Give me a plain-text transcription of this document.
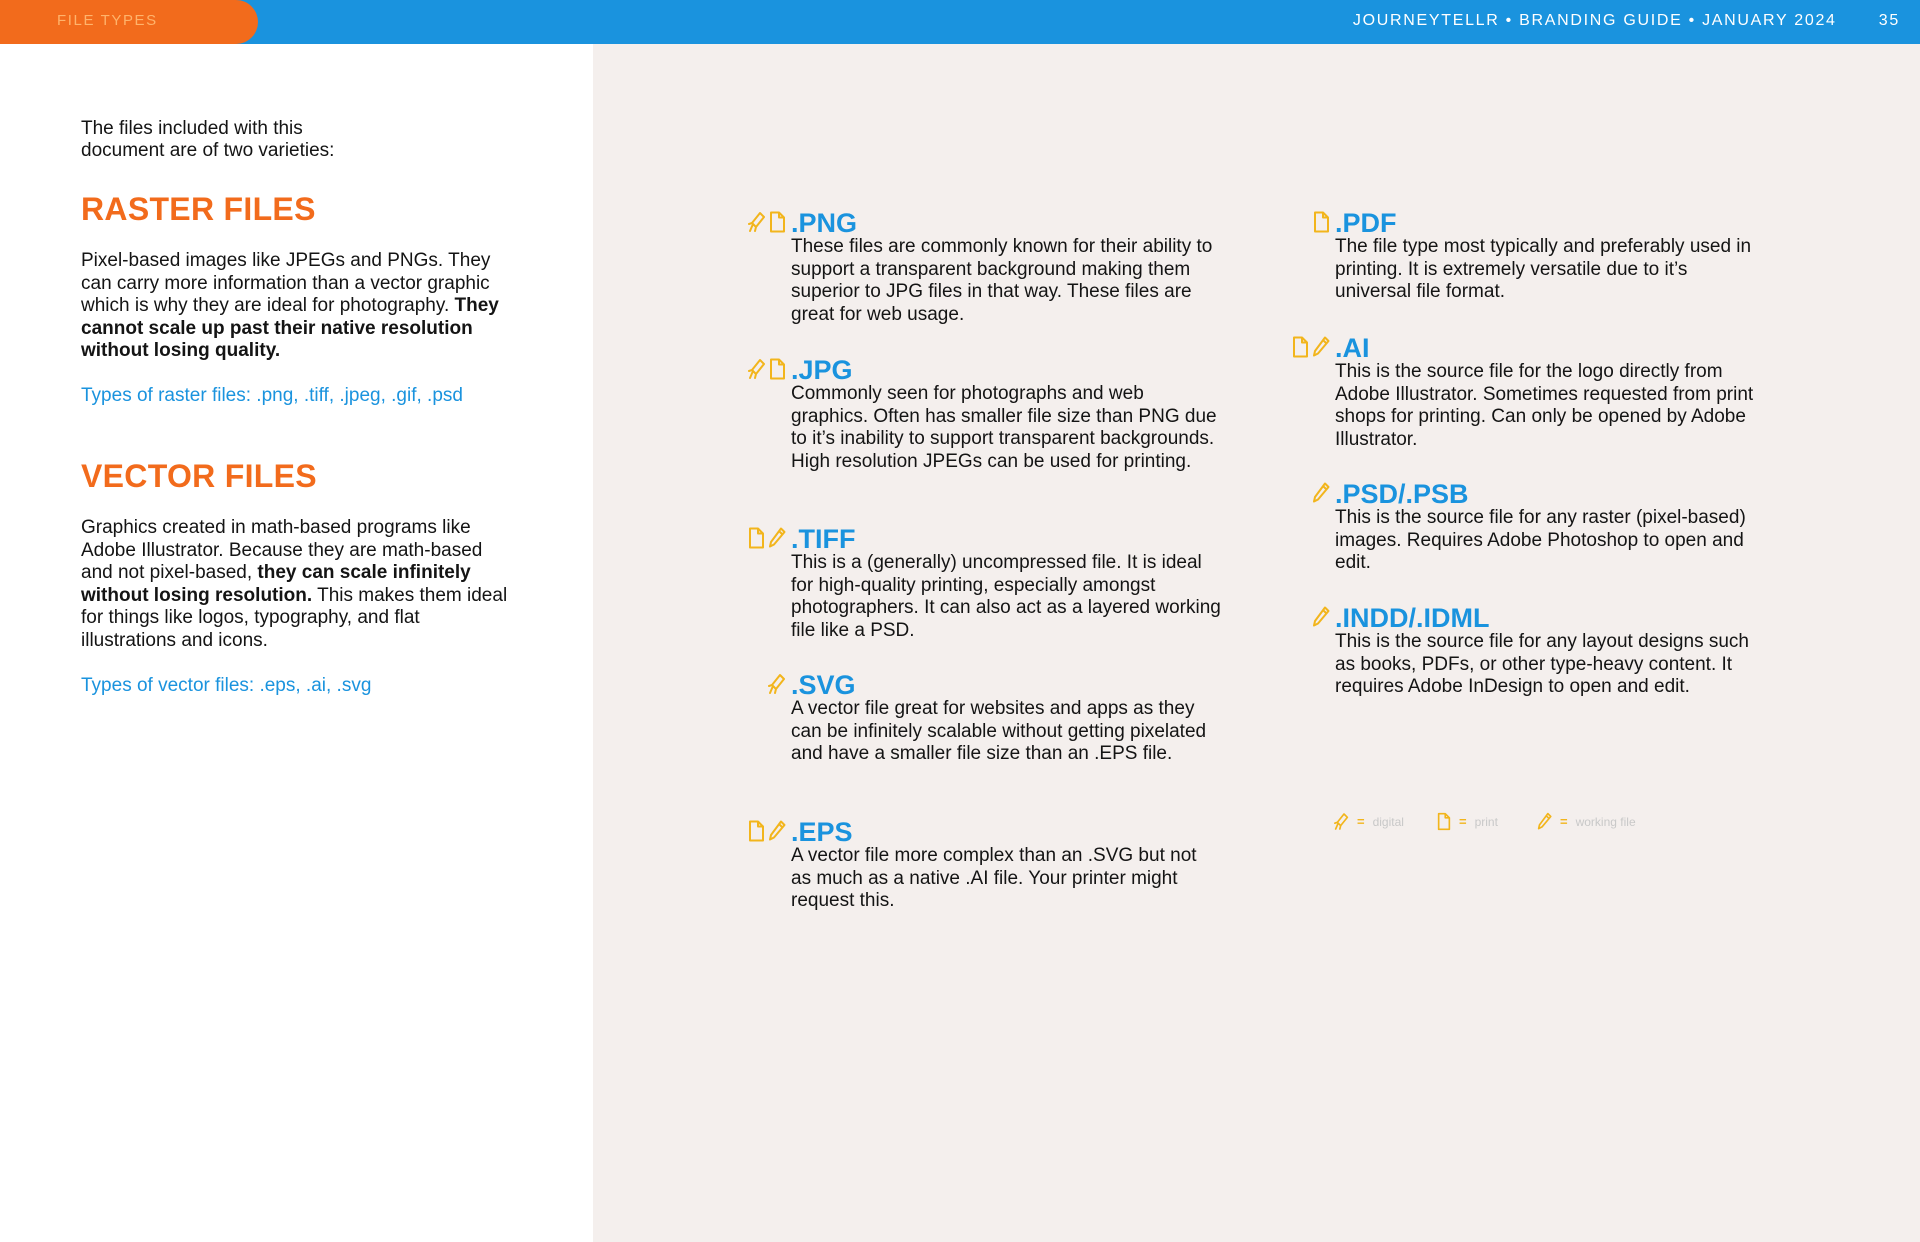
FILE TYPES	JOURNEYTELLR • BRANDING GUIDE • JANUARY 2024	35
The files included with this document are of two varieties:
RASTER FILES
Pixel-based images like JPEGs and PNGs. They can carry more information than a vector graphic which is why they are ideal for photography. They cannot scale up past their native resolution without losing quality.
Types of raster files: .png, .tiff, .jpeg, .gif, .psd
VECTOR FILES
Graphics created in math-based programs like Adobe Illustrator. Because they are math-based and not pixel-based, they can scale infinitely without losing resolution. This makes them ideal for things like logos, typography, and flat illustrations and icons.
Types of vector files: .eps, .ai, .svg
.PNG
These files are commonly known for their ability to support a transparent background making them superior to JPG files in that way. These files are great for web usage.
.JPG
Commonly seen for photographs and web graphics. Often has smaller file size than PNG due to it’s inability to support transparent backgrounds. High resolution JPEGs can be used for printing.
.TIFF
This is a (generally) uncompressed file. It is ideal for high-quality printing, especially amongst photographers. It can also act as a layered working file like a PSD.
.SVG
A vector file great for websites and apps as they can be infinitely scalable without getting pixelated and have a smaller file size than an .EPS file.
.EPS
A vector file more complex than an .SVG but not as much as a native .AI file. Your printer might request this.
.PDF
The file type most typically and preferably used in printing. It is extremely versatile due to it’s universal file format.
.AI
This is the source file for the logo directly from Adobe Illustrator. Sometimes requested from print shops for printing. Can only be opened by Adobe Illustrator.
.PSD/.PSB
This is the source file for any raster (pixel-based) images. Requires Adobe Photoshop to open and edit.
.INDD/.IDML
This is the source file for any layout designs such as books, PDFs, or other type-heavy content. It requires Adobe InDesign to open and edit.
= digital	= print	= working file
